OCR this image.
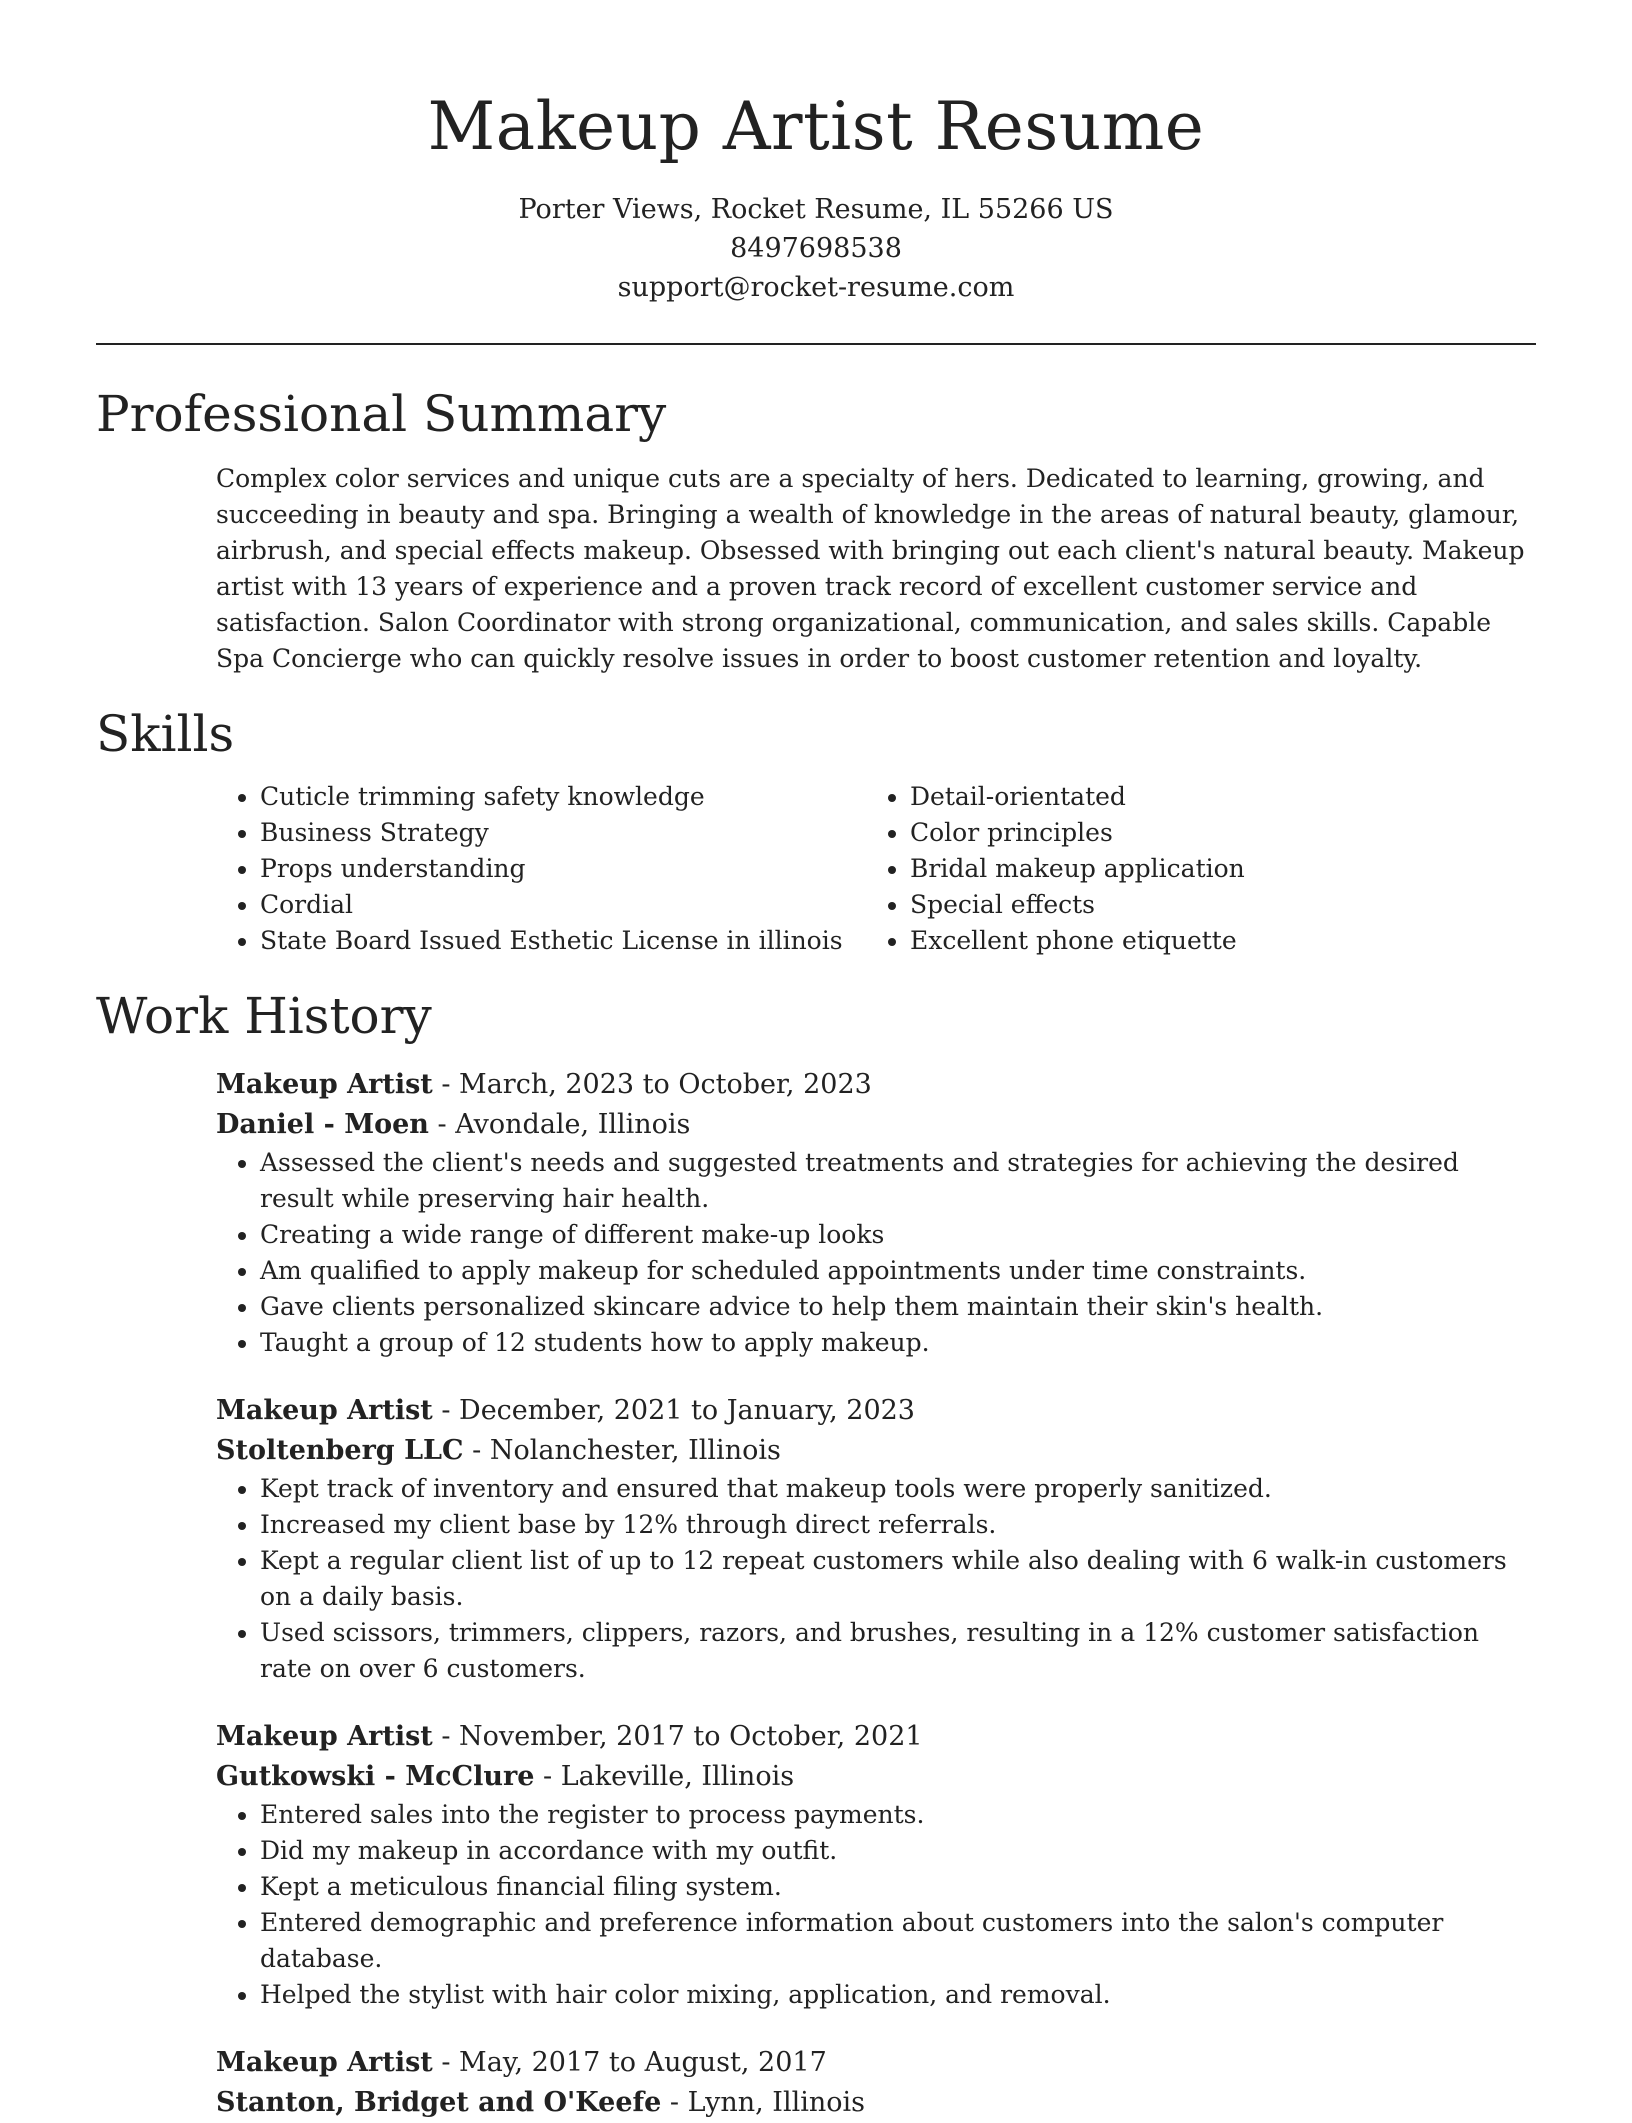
Makeup Artist Resume
Porter Views, Rocket Resume, IL 55266 US
8497698538
support@rocket-resume.com
Professional Summary
Complex color services and unique cuts are a specialty of hers. Dedicated to learning, growing, and succeeding in beauty and spa. Bringing a wealth of knowledge in the areas of natural beauty, glamour, airbrush, and special effects makeup. Obsessed with bringing out each client's natural beauty. Makeup artist with 13 years of experience and a proven track record of excellent customer service and satisfaction. Salon Coordinator with strong organizational, communication, and sales skills. Capable Spa Concierge who can quickly resolve issues in order to boost customer retention and loyalty.
Skills
• Cuticle trimming safety knowledge
• Business Strategy
• Props understanding
• Cordial
• State Board Issued Esthetic License in illinois
• Detail-orientated
• Color principles
• Bridal makeup application
• Special effects
• Excellent phone etiquette
Work History
Makeup Artist - March, 2023 to October, 2023
Daniel - Moen - Avondale, Illinois
• Assessed the client's needs and suggested treatments and strategies for achieving the desired result while preserving hair health.
• Creating a wide range of different make-up looks
• Am qualified to apply makeup for scheduled appointments under time constraints.
• Gave clients personalized skincare advice to help them maintain their skin's health.
• Taught a group of 12 students how to apply makeup.
Makeup Artist - December, 2021 to January, 2023
Stoltenberg LLC - Nolanchester, Illinois
• Kept track of inventory and ensured that makeup tools were properly sanitized.
• Increased my client base by 12% through direct referrals.
• Kept a regular client list of up to 12 repeat customers while also dealing with 6 walk-in customers on a daily basis.
• Used scissors, trimmers, clippers, razors, and brushes, resulting in a 12% customer satisfaction rate on over 6 customers.
Makeup Artist - November, 2017 to October, 2021
Gutkowski - McClure - Lakeville, Illinois
• Entered sales into the register to process payments.
• Did my makeup in accordance with my outfit.
• Kept a meticulous financial filing system.
• Entered demographic and preference information about customers into the salon's computer database.
• Helped the stylist with hair color mixing, application, and removal.
Makeup Artist - May, 2017 to August, 2017
Stanton, Bridget and O'Keefe - Lynn, Illinois
